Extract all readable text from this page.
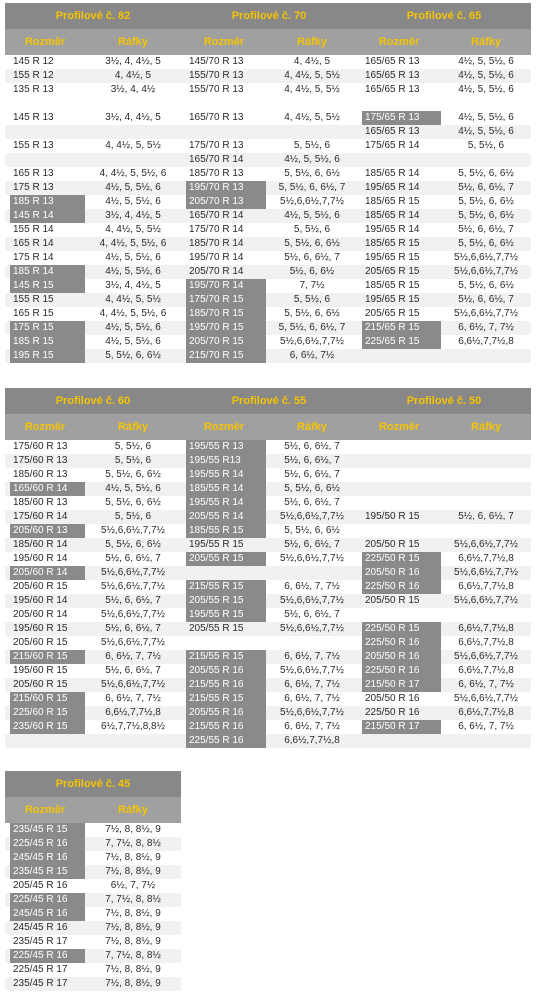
Profilové č. 82		Profilové č. 70		Profilové č. 65	
Rozměr	Ráfky	Rozměr	Ráfky	Rozměr	Ráfky
145 R 12	3½, 4, 4½, 5	145/70 R 13	4, 4½, 5	165/65 R 13	4½, 5, 5½, 6
155 R 12	4, 4½, 5	155/70 R 13	4, 4½, 5, 5½	165/65 R 13	4½, 5, 5½, 6
135 R 13	3½, 4, 4½	155/70 R 13	4, 4½, 5, 5½	165/65 R 13	4½, 5, 5½, 6

145 R 13	3½, 4, 4½, 5	165/70 R 13	4, 4½, 5, 5½	175/65 R 13	4½, 5, 5½, 6
				165/65 R 13	4½, 5, 5½, 6
155 R 13	4, 4½, 5, 5½	175/70 R 13	5, 5½, 6	175/65 R 14	5, 5½, 6
		165/70 R 14	4½, 5, 5½, 6		
165 R 13	4, 4½, 5, 5½, 6	185/70 R 13	5, 5½, 6, 6½	185/65 R 14	5, 5½, 6, 6½
175 R 13	4½, 5, 5½, 6	195/70 R 13	5, 5½, 6, 6½, 7	195/65 R 14	5½, 6, 6½, 7
185 R 13	4½, 5, 5½, 6	205/70 R 13	5½,6,6½,7,7½	185/65 R 15	5, 5½, 6, 6½
145 R 14	3½, 4, 4½, 5	165/70 R 14	4½, 5, 5½, 6	185/65 R 14	5, 5½, 6, 6½
155 R 14	4, 4½, 5, 5½	175/70 R 14	5, 5½, 6	195/65 R 14	5½, 6, 6½, 7
165 R 14	4, 4½, 5, 5½, 6	185/70 R 14	5, 5½, 6, 6½	185/65 R 15	5, 5½, 6, 6½
175 R 14	4½, 5, 5½, 6	195/70 R 14	5½, 6, 6½, 7	195/65 R 15	5½,6,6½,7,7½
185 R 14	4½, 5, 5½, 6	205/70 R 14	5½, 6, 6½	205/65 R 15	5½,6,6½,7,7½
145 R 15	3½, 4, 4½, 5	195/70 R 14	7, 7½	185/65 R 15	5, 5½, 6, 6½
155 R 15	4, 4½, 5, 5½	175/70 R 15	5, 5½, 6	195/65 R 15	5½, 6, 6½, 7
165 R 15	4, 4½, 5, 5½, 6	185/70 R 15	5, 5½, 6, 6½	205/65 R 15	5½,6,6½,7,7½
175 R 15	4½, 5, 5½, 6	195/70 R 15	5, 5½, 6, 6½, 7	215/65 R 15	6, 6½, 7, 7½
185 R 15	4½, 5, 5½, 6	205/70 R 15	5½,6,6½,7,7½	225/65 R 15	6,6½,7,7½,8
195 R 15	5, 5½, 6, 6½	215/70 R 15	6, 6½, 7½		
Profilové č. 60		Profilové č. 55		Profilové č. 50	
Rozměr	Ráfky	Rozměr	Ráfky	Rozměr	Ráfky
175/60 R 13	5, 5½, 6	195/55 R 13	5½, 6, 6½, 7		
175/60 R 13	5, 5½, 6	195/55 R13	5½, 6, 6½, 7		
185/60 R 13	5, 5½, 6, 6½	195/55 R 14	5½, 6, 6½, 7		
165/60 R 14	4½, 5, 5½, 6	185/55 R 14	5, 5½, 6, 6½		
185/60 R 13	5, 5½, 6, 6½	195/55 R 14	5½, 6, 6½, 7		
175/60 R 14	5, 5½, 6	205/55 R 14	5½,6,6½,7,7½	195/50 R 15	5½, 6, 6½, 7
205/60 R 13	5½,6,6½,7,7½	185/55 R 15	5, 5½, 6, 6½		
185/60 R 14	5, 5½, 6, 6½	195/55 R 15	5½, 6, 6½, 7	205/50 R 15	5½,6,6½,7,7½
195/60 R 14	5½, 6, 6½, 7	205/55 R 15	5½,6,6½,7,7½	225/50 R 15	6,6½,7,7½,8
205/60 R 14	5½,6,6½,7,7½			205/50 R 16	5½,6,6½,7,7½
205/60 R 15	5½,6,6½,7,7½	215/55 R 15	6, 6½, 7, 7½	225/50 R 16	6,6½,7,7½,8
195/60 R 14	5½, 6, 6½, 7	205/55 R 15	5½,6,6½,7,7½	205/50 R 15	5½,6,6½,7,7½
205/60 R 14	5½,6,6½,7,7½	195/55 R 15	5½, 6, 6½, 7		
195/60 R 15	5½, 6, 6½, 7	205/55 R 15	5½,6,6½,7,7½	225/50 R 15	6,6½,7,7½,8
205/60 R 15	5½,6,6½,7,7½			225/50 R 16	6,6½,7,7½,8
215/60 R 15	6, 6½, 7, 7½	215/55 R 15	6, 6½, 7, 7½	205/50 R 16	5½,6,6½,7,7½
195/60 R 15	5½, 6, 6½, 7	205/55 R 16	5½,6,6½,7,7½	225/50 R 16	6,6½,7,7½,8
205/60 R 15	5½,6,6½,7,7½	215/55 R 16	6, 6½, 7, 7½	215/50 R 17	6, 6½, 7, 7½
215/60 R 15	6, 6½, 7, 7½	215/55 R 15	6, 6½, 7, 7½	205/50 R 16	5½,6,6½,7,7½
225/60 R 15	6,6½,7,7½,8	205/55 R 16	5½,6,6½,7,7½	225/50 R 16	6,6½,7,7½,8
235/60 R 15	6½,7,7½,8,8½	215/55 R 16	6, 6½, 7, 7½	215/50 R 17	6, 6½, 7, 7½
		225/55 R 16	6,6½,7,7½,8		
Profilové č. 45	
Rozměr	Ráfky
235/45 R 15	7½, 8, 8½, 9
225/45 R 16	7, 7½, 8, 8½
245/45 R 16	7½, 8, 8½, 9
235/45 R 15	7½, 8, 8½, 9
205/45 R 16	6½, 7, 7½
225/45 R 16	7, 7½, 8, 8½
245/45 R 16	7½, 8, 8½, 9
245/45 R 16	7½, 8, 8½, 9
235/45 R 17	7½, 8, 8½, 9
225/45 R 16	7, 7½, 8, 8½
225/45 R 17	7½, 8, 8½, 9
235/45 R 17	7½, 8, 8½, 9
